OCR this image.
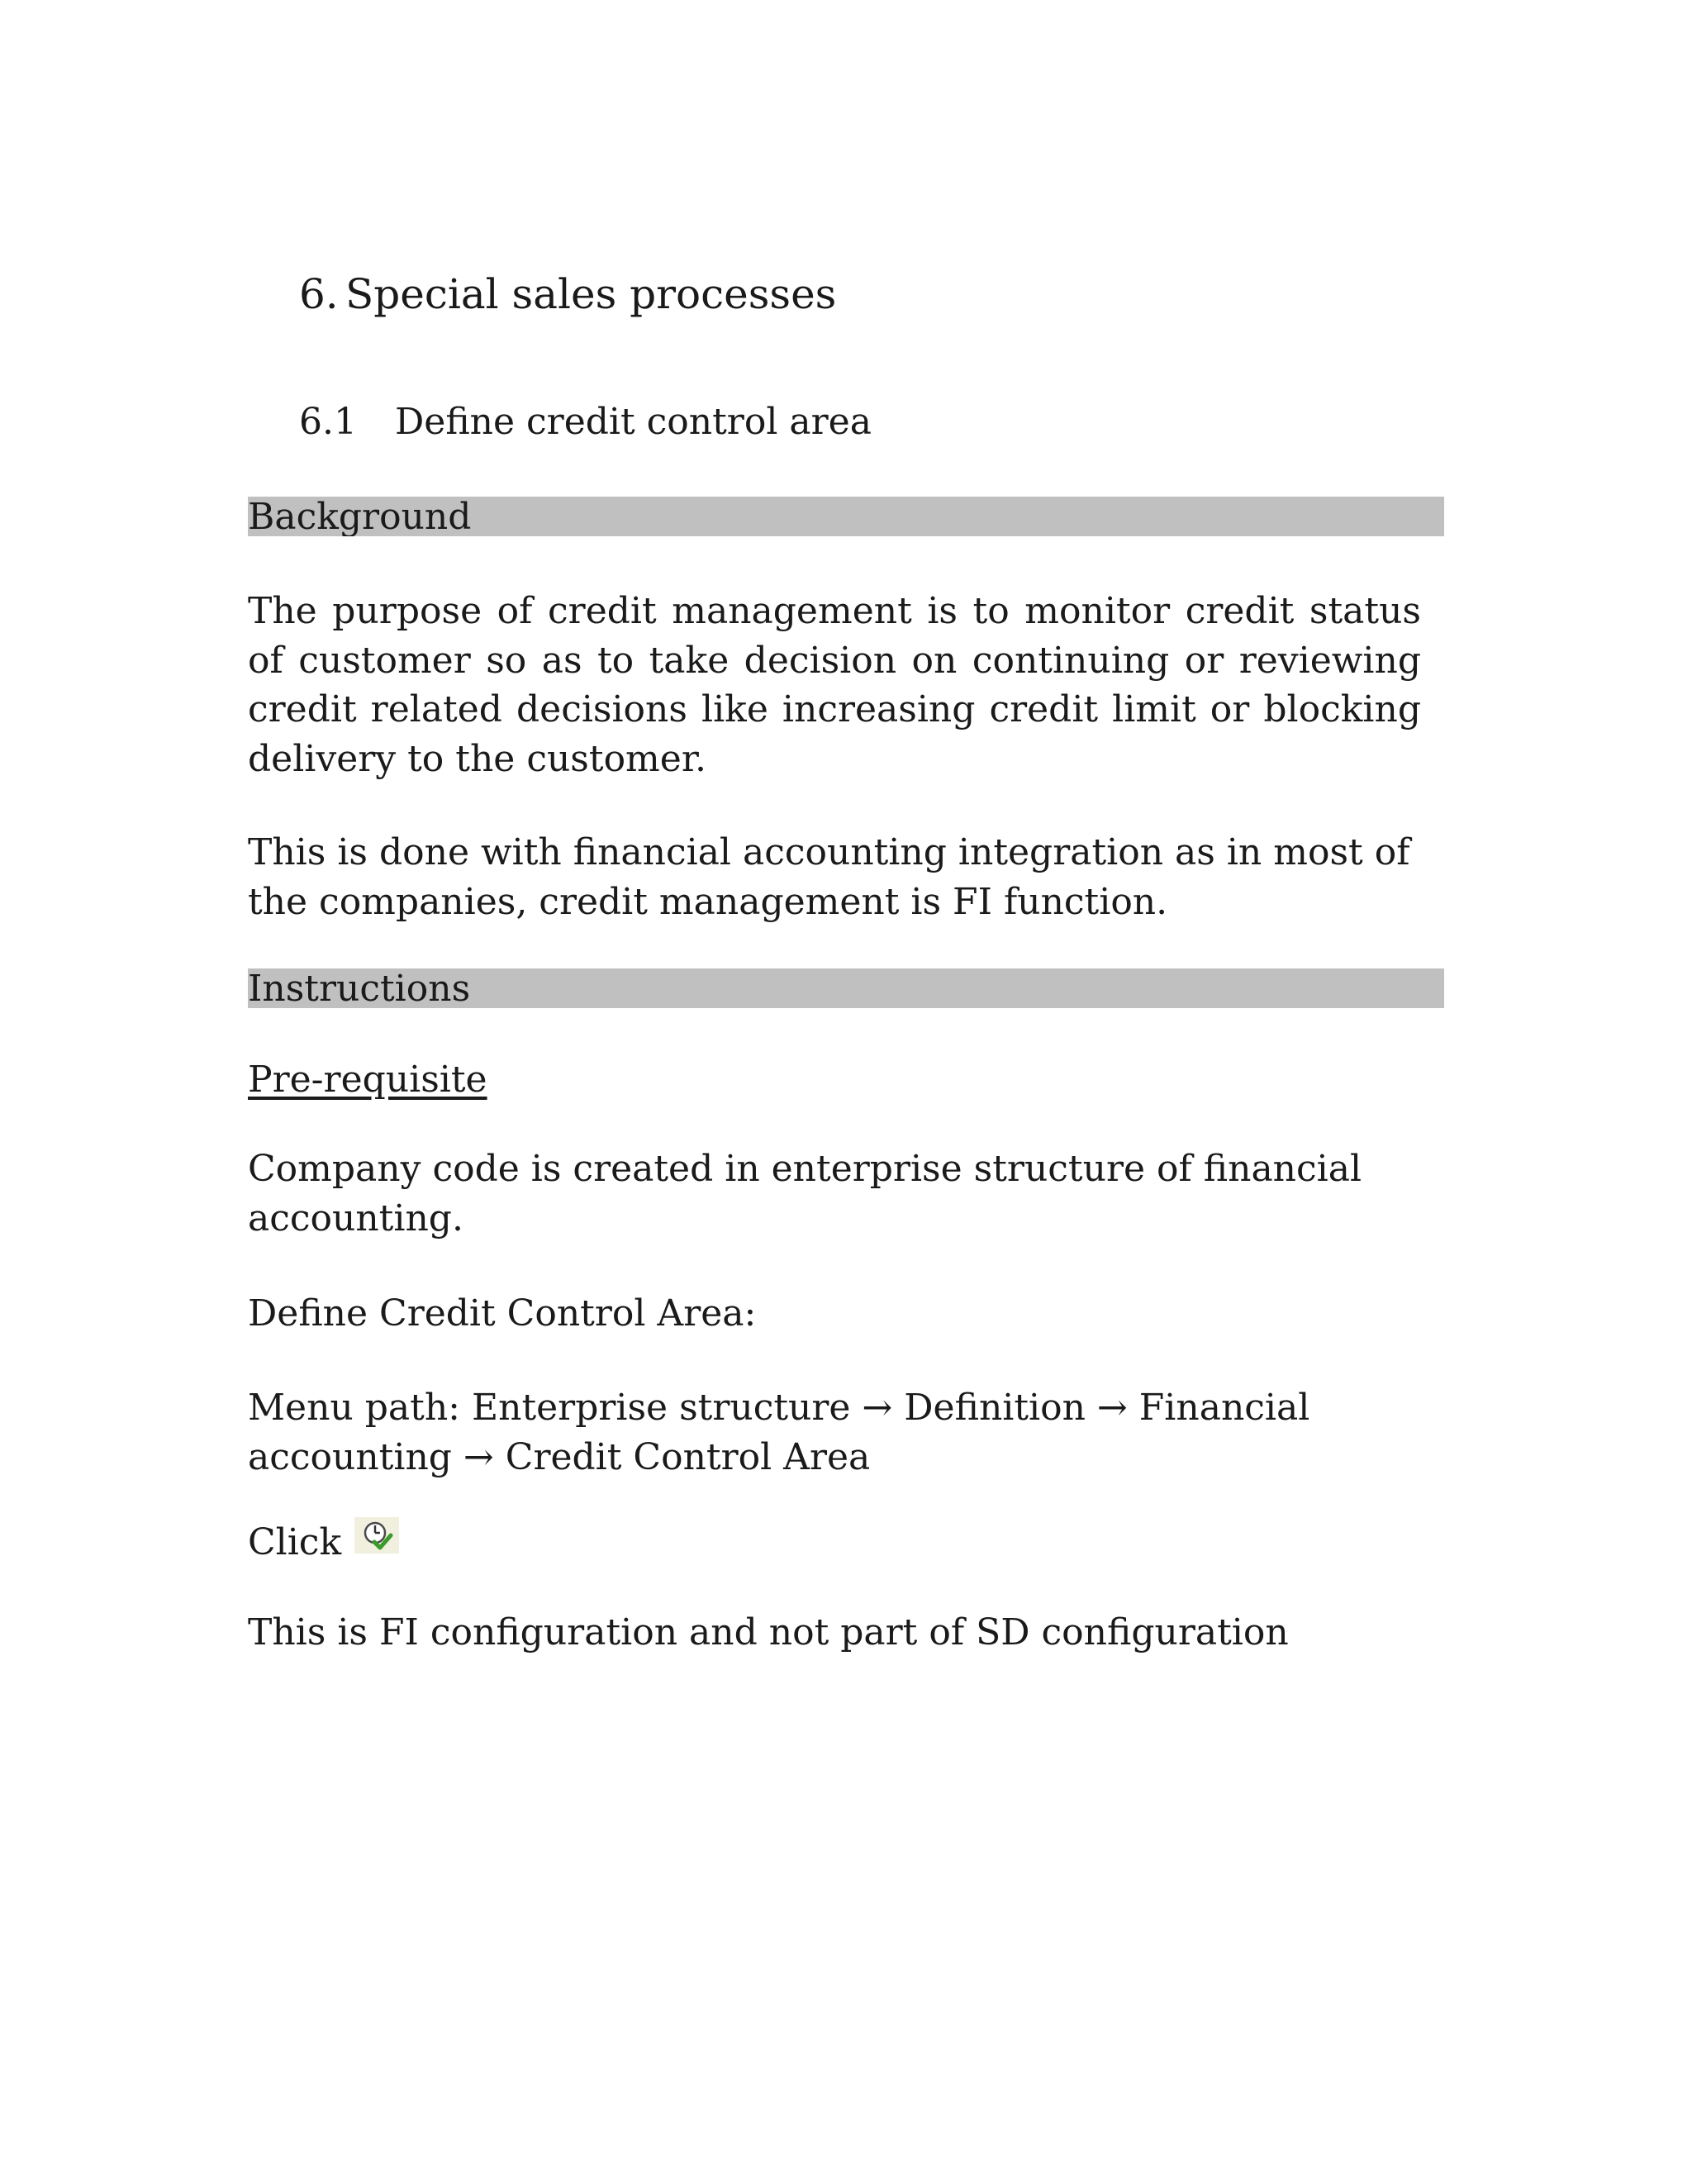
6. Special sales processes
6.1 Define credit control area
Background
The purpose of credit management is to monitor credit status of customer so as to take decision on continuing or reviewing credit related decisions like increasing credit limit or blocking delivery to the customer.
This is done with financial accounting integration as in most of the companies, credit management is FI function.
Instructions
Pre-requisite
Company code is created in enterprise structure of financial accounting.
Define Credit Control Area:
Menu path: Enterprise structure → Definition → Financial accounting → Credit Control Area
Click
This is FI configuration and not part of SD configuration
